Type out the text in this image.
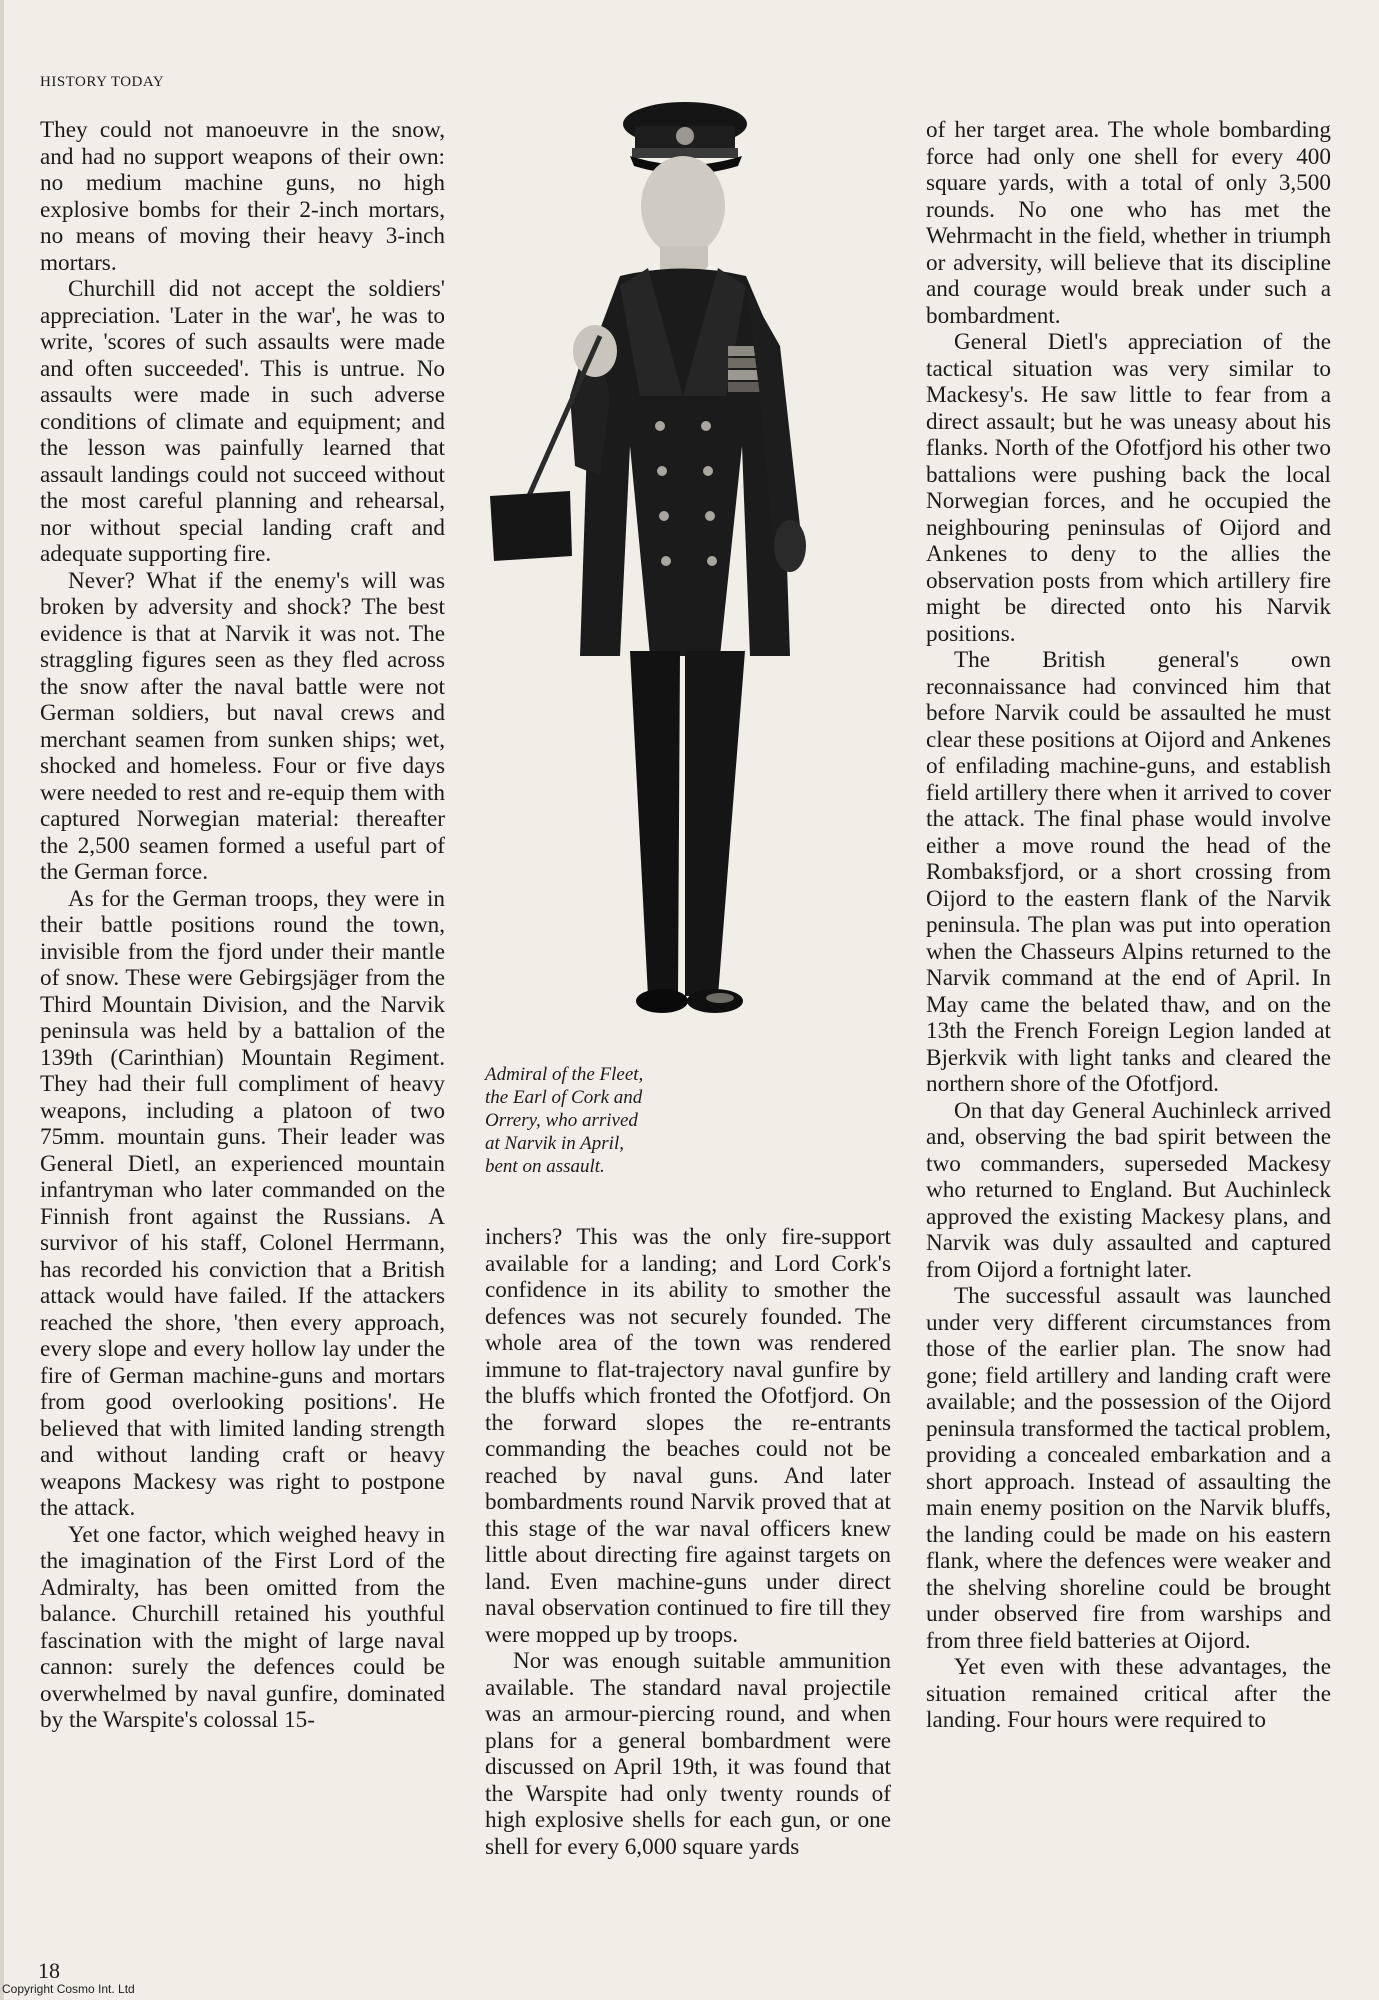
HISTORY TODAY

They could not manoeuvre in the snow, and had no support weapons of their own: no medium machine guns, no high explosive bombs for their 2-inch mortars, no means of moving their heavy 3-inch mortars.

Churchill did not accept the soldiers' appreciation. 'Later in the war', he was to write, 'scores of such assaults were made and often succeeded'. This is untrue. No assaults were made in such adverse conditions of climate and equipment; and the lesson was painfully learned that assault landings could not succeed without the most careful planning and rehearsal, nor without special landing craft and adequate supporting fire.

Never? What if the enemy's will was broken by adversity and shock? The best evidence is that at Narvik it was not. The straggling figures seen as they fled across the snow after the naval battle were not German soldiers, but naval crews and merchant seamen from sunken ships; wet, shocked and homeless. Four or five days were needed to rest and re-equip them with captured Norwegian material: thereafter the 2,500 seamen formed a useful part of the German force.

As for the German troops, they were in their battle positions round the town, invisible from the fjord under their mantle of snow. These were Gebirgsjäger from the Third Mountain Division, and the Narvik peninsula was held by a battalion of the 139th (Carinthian) Mountain Regiment. They had their full compliment of heavy weapons, including a platoon of two 75mm. mountain guns. Their leader was General Dietl, an experienced mountain infantryman who later commanded on the Finnish front against the Russians. A survivor of his staff, Colonel Herrmann, has recorded his conviction that a British attack would have failed. If the attackers reached the shore, 'then every approach, every slope and every hollow lay under the fire of German machine-guns and mortars from good overlooking positions'. He believed that with limited landing strength and without landing craft or heavy weapons Mackesy was right to postpone the attack.

Yet one factor, which weighed heavy in the imagination of the First Lord of the Admiralty, has been omitted from the balance. Churchill retained his youthful fascination with the might of large naval cannon: surely the defences could be overwhelmed by naval gunfire, dominated by the Warspite's colossal 15-

Admiral of the Fleet, the Earl of Cork and Orrery, who arrived at Narvik in April, bent on assault.

inchers? This was the only fire-support available for a landing; and Lord Cork's confidence in its ability to smother the defences was not securely founded. The whole area of the town was rendered immune to flat-trajectory naval gunfire by the bluffs which fronted the Ofotfjord. On the forward slopes the re-entrants commanding the beaches could not be reached by naval guns. And later bombardments round Narvik proved that at this stage of the war naval officers knew little about directing fire against targets on land. Even machine-guns under direct naval observation continued to fire till they were mopped up by troops.

Nor was enough suitable ammunition available. The standard naval projectile was an armour-piercing round, and when plans for a general bombardment were discussed on April 19th, it was found that the Warspite had only twenty rounds of high explosive shells for each gun, or one shell for every 6,000 square yards

of her target area. The whole bombarding force had only one shell for every 400 square yards, with a total of only 3,500 rounds. No one who has met the Wehrmacht in the field, whether in triumph or adversity, will believe that its discipline and courage would break under such a bombardment.

General Dietl's appreciation of the tactical situation was very similar to Mackesy's. He saw little to fear from a direct assault; but he was uneasy about his flanks. North of the Ofotfjord his other two battalions were pushing back the local Norwegian forces, and he occupied the neighbouring peninsulas of Oijord and Ankenes to deny to the allies the observation posts from which artillery fire might be directed onto his Narvik positions.

The British general's own reconnaissance had convinced him that before Narvik could be assaulted he must clear these positions at Oijord and Ankenes of enfilading machine-guns, and establish field artillery there when it arrived to cover the attack. The final phase would involve either a move round the head of the Rombaksfjord, or a short crossing from Oijord to the eastern flank of the Narvik peninsula. The plan was put into operation when the Chasseurs Alpins returned to the Narvik command at the end of April. In May came the belated thaw, and on the 13th the French Foreign Legion landed at Bjerkvik with light tanks and cleared the northern shore of the Ofotfjord.

On that day General Auchinleck arrived and, observing the bad spirit between the two commanders, superseded Mackesy who returned to England. But Auchinleck approved the existing Mackesy plans, and Narvik was duly assaulted and captured from Oijord a fortnight later.

The successful assault was launched under very different circumstances from those of the earlier plan. The snow had gone; field artillery and landing craft were available; and the possession of the Oijord peninsula transformed the tactical problem, providing a concealed embarkation and a short approach. Instead of assaulting the main enemy position on the Narvik bluffs, the landing could be made on his eastern flank, where the defences were weaker and the shelving shoreline could be brought under observed fire from warships and from three field batteries at Oijord.

Yet even with these advantages, the situation remained critical after the landing. Four hours were required to

18
Copyright Cosmo Int. Ltd
